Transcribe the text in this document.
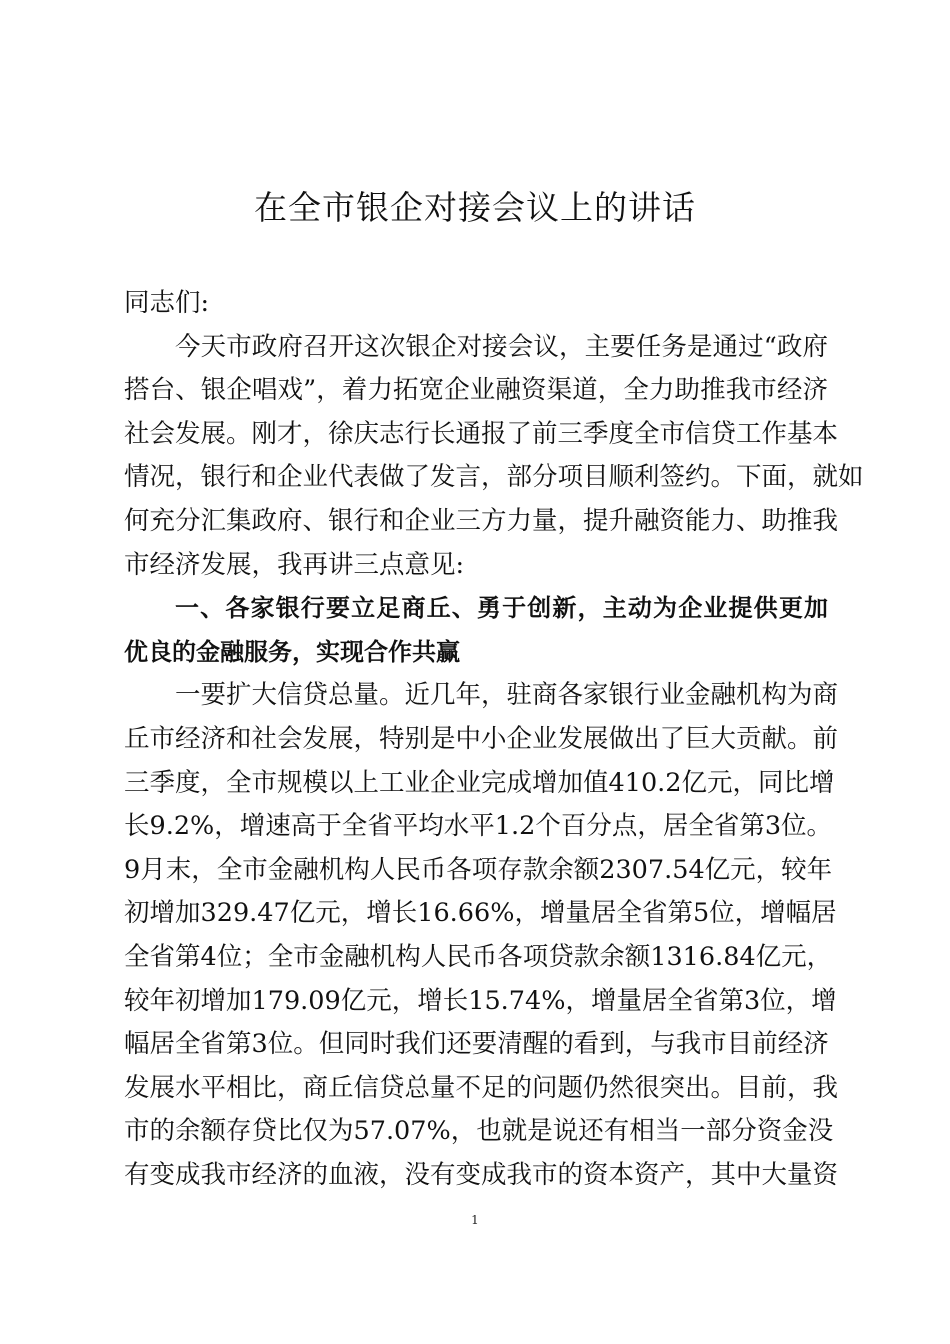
在全市银企对接会议上的讲话
同志们:
今天市政府召开这次银企对接会议，主要任务是通过“政府
搭台、银企唱戏”，着力拓宽企业融资渠道，全力助推我市经济
社会发展。刚才，徐庆志行长通报了前三季度全市信贷工作基本
情况，银行和企业代表做了发言，部分项目顺利签约。下面，就如
何充分汇集政府、银行和企业三方力量，提升融资能力、助推我
市经济发展，我再讲三点意见:
一、各家银行要立足商丘、勇于创新，主动为企业提供更加
优良的金融服务，实现合作共赢
一要扩大信贷总量。近几年，驻商各家银行业金融机构为商
丘市经济和社会发展，特别是中小企业发展做出了巨大贡献。前
三季度，全市规模以上工业企业完成增加值410.2亿元，同比增
长9.2%，增速高于全省平均水平1.2个百分点，居全省第3位。
9月末，全市金融机构人民币各项存款余额2307.54亿元，较年
初增加329.47亿元，增长16.66%，增量居全省第5位，增幅居
全省第4位；全市金融机构人民币各项贷款余额1316.84亿元，
较年初增加179.09亿元，增长15.74%，增量居全省第3位，增
幅居全省第3位。但同时我们还要清醒的看到，与我市目前经济
发展水平相比，商丘信贷总量不足的问题仍然很突出。目前，我
市的余额存贷比仅为57.07%，也就是说还有相当一部分资金没
有变成我市经济的血液，没有变成我市的资本资产，其中大量资
1
